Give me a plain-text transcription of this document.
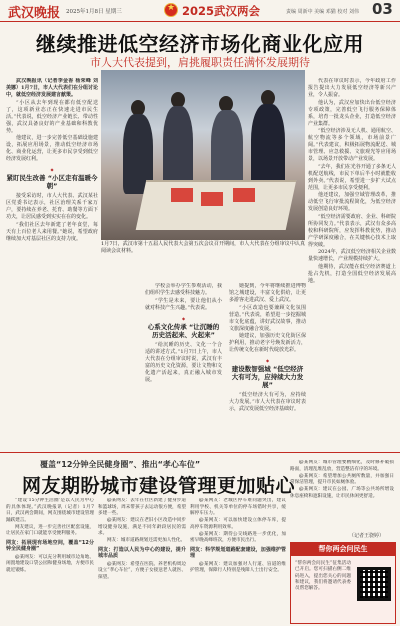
武汉晚报 2025年1月8日 星期三
★	2025武汉两会	责编 周新中 美编 邓猫 校对 刘伟 03
继续推进低空经济市场化商业化应用
市人大代表提到，肩挑履职责任满怀发展期待

武汉晚报讯（记者李金香 杨荣峰 刘美娜）1月7日，市人大代表们在分组讨论中，就低空经济发展建言献策。

“小区从去年到现在都有低空配送了，这项新业态正在快速走进市民生活。”代表说，低空经济产业链长、带动性强，武汉具备良好的产业基础和科教优势。

他建议，进一步完善低空基础设施建设，拓展应用场景，推动低空经济市场化、商业化运营，让更多市民享受到低空经济发展红利。

◆
紧盯民生改善 “小区走有温暖今朝”

接受采访时，市人大代表、武汉某社区党委书记表示，社区治理关系千家万户，要持续在养老、托育、助餐等方面下功夫，让居民感受到实实在在的变化。

“我们社区去年新建了老年食堂，每天有上百位老人来用餐。”她说，希望政府继续加大对基层社区的支持力度。

1月7日，武汉市第十五届人民代表大会第五次会议召开期间，市人大代表在分组审议中认真阅读会议材料。

学校会举办学生参观活动，我们组织学生去感受科技魅力。

“学生是未来，要让他们从小就对科技产生兴趣。”代表说。

◆
心系文化传承 “让沉睡的历史活起来、火起来”

“给沉睡的历史、文化一个合适的讲述方式。”1月7日上午，市人大代表在分组审议时说，武汉有丰富的历史文化资源，要让文物和文化遗产活起来，真正融入城市发展。

她提到，今年将继续推进博物馆之城建设，丰富文化供给，让更多游客走进武汉、爱上武汉。

“小区改造也要兼顾文化氛围营造。”代表说，希望进一步挖掘城市文化底蕴，讲好武汉故事，推动文旅深度融合发展。

她建议，加强历史文化街区保护利用，推动老字号焕发新活力，让传统文化在新时代绽放光彩。

◆
建设数智强城 “低空经济大有可为，应持续大力发展”

“低空经济大有可为，应持续大力发展。”市人大代表在审议时表示，武汉发展低空经济基础好。

代表在审议时表示，今年政府工作报告提出大力发展低空经济等新兴产业，令人振奋。

他认为，武汉应加快出台低空经济专项政策，完善低空飞行服务保障体系，培育一批龙头企业，打造低空经济产业集群。

“低空经济涉及无人机、通用航空、航空物流等多个领域，市场前景广阔。”代表建议，积极拓展物流配送、城市管理、应急救援、文旅观光等应用场景，以场景开放带动产业发展。

“去年，我们在光谷开通了多条无人机配送航线，市民下单后半小时就能收到外卖。”代表说，希望进一步扩大试点范围，让更多市民享受便利。

他还建议，加强空域管理改革，推动低空飞行审批流程简化，为低空经济发展创造良好环境。

“低空经济需要政府、企业、科研院所协同发力。”代表表示，武汉有众多高校和科研院所，应发挥科教优势，推动产学研深度融合，在关键核心技术上取得突破。

2024年，武汉低空经济相关企业数量快速增长，产业规模持续扩大。

他期待，武汉能在低空经济赛道上抢占先机，打造全国低空经济发展高地。

覆盖“12分钟全民健身圈”、推出“孝心车位”
网友期盼城市建设管理更加贴心

“建设‘15分钟生活圈’是以人民为中心的具体体现。”武汉晚报讯（记者）1月7日，武汉两会期间，网友围绕城市建设管理踊跃建言。

网友建议，进一步完善社区配套设施，让居民在家门口就能享受便利服务。

网友：拓展现有场地空间，覆盖“12分钟全民健身圈”

@某网友：可以充分利用城市边角地、闲置地建设口袋公园和健身场地，方便市民就近锻炼。

@某网友：去年在社区新建了健身步道和篮球场，周末带孩子去运动很方便，希望多建一些。

@某网友：建议在老旧小区改造中同步增设健身设施，满足不同年龄段居民的需求。

网友：城市道路规划还需更加人性化。

网友：打造以人民为中心的建设，提升城市品质

@某网友：希望在医院、养老机构周边设立“孝心车位”，方便子女接送老人就医、探望。

@某网友：老城区停车难问题突出，建议利用学校、机关等单位的停车场错时共享，缓解停车压力。

@某网友：可以加快建设立体停车库，提高停车资源利用效率。

@某网友：期待公交线路进一步优化，加密早晚高峰班次，方便市民出行。

网友：科学规划道路配套建设，加强维护管理

@某网友：建议加强对人行道、盲道的维护管理，保障行人特别是残障人士出行安全。

@某网友：城市管理要精细化，及时修补破损路面，清理乱堆乱放，营造整洁有序的环境。

@某网友：希望增加公共厕所数量，并加强日常保洁管理，提升市民如厕体验。

@某网友：建议在公园、广场等公共场所增设休息座椅和遮阳设施，让市民休闲更舒适。

（记者王骁婷）
帮你两会问民生
“帮你两会问民生”征集活动已开启。您可扫描右侧二维码进入，提出您关心的问题和建议，我们将邀请代表委员帮您解答。
